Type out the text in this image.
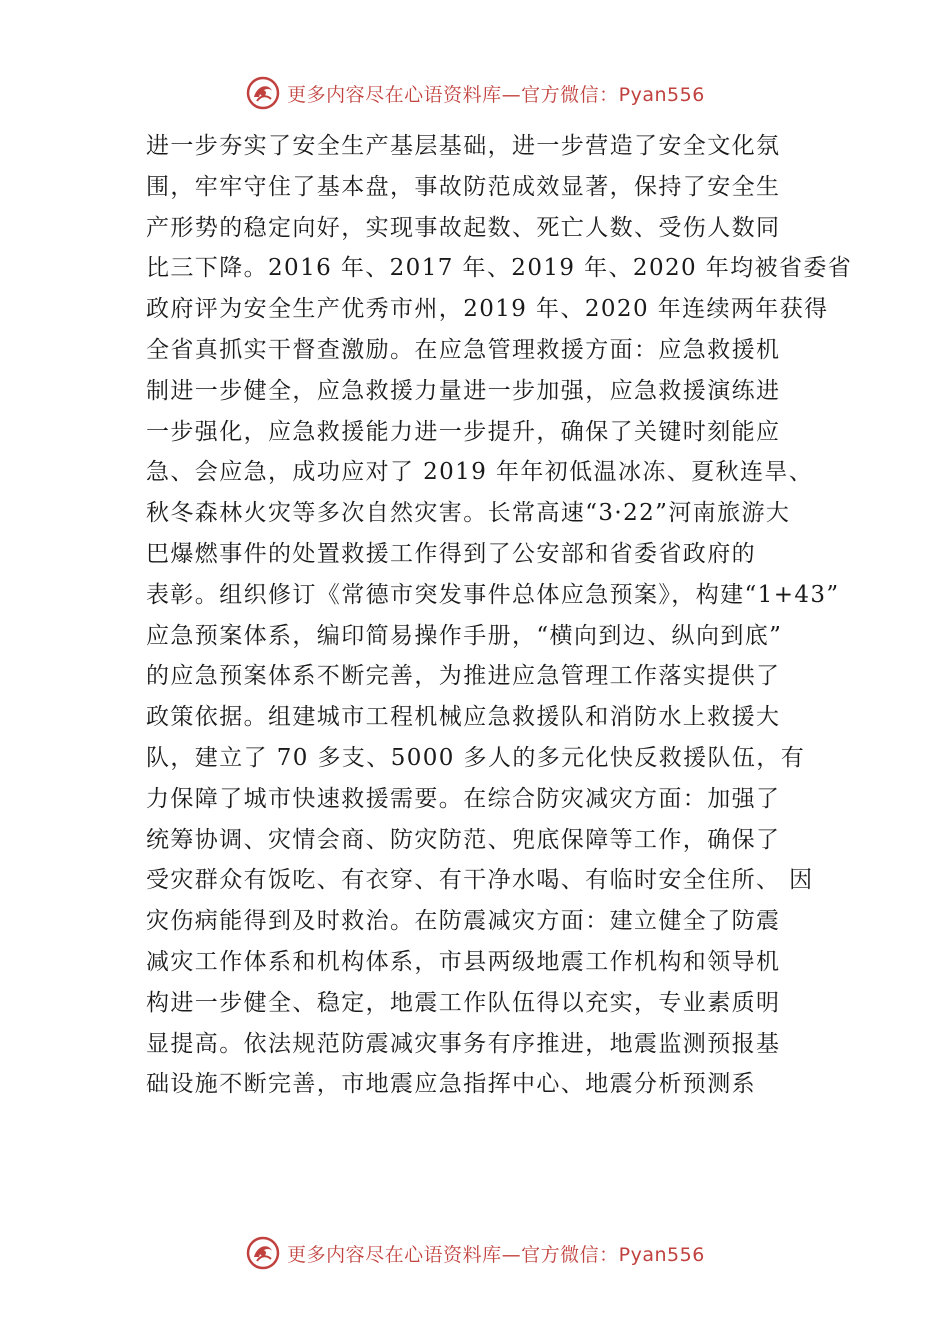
更多内容尽在心语资料库—官方微信：Pyan556
进一步夯实了安全生产基层基础，进一步营造了安全文化氛
围，牢牢守住了基本盘，事故防范成效显著，保持了安全生
产形势的稳定向好，实现事故起数、死亡人数、受伤人数同
比三下降。2016 年、2017 年、2019 年、2020 年均被省委省
政府评为安全生产优秀市州，2019 年、2020 年连续两年获得
全省真抓实干督查激励。在应急管理救援方面：应急救援机
制进一步健全，应急救援力量进一步加强，应急救援演练进
一步强化，应急救援能力进一步提升，确保了关键时刻能应
急、会应急，成功应对了 2019 年年初低温冰冻、夏秋连旱、
秋冬森林火灾等多次自然灾害。长常高速“3·22”河南旅游大
巴爆燃事件的处置救援工作得到了公安部和省委省政府的
表彰。组织修订《常德市突发事件总体应急预案》，构建“1+43”
应急预案体系，编印简易操作手册，“横向到边、纵向到底”
的应急预案体系不断完善，为推进应急管理工作落实提供了
政策依据。组建城市工程机械应急救援队和消防水上救援大
队，建立了 70 多支、5000 多人的多元化快反救援队伍，有
力保障了城市快速救援需要。在综合防灾减灾方面：加强了
统筹协调、灾情会商、防灾防范、兜底保障等工作，确保了
受灾群众有饭吃、有衣穿、有干净水喝、有临时安全住所、 因
灾伤病能得到及时救治。在防震减灾方面：建立健全了防震
减灾工作体系和机构体系，市县两级地震工作机构和领导机
构进一步健全、稳定，地震工作队伍得以充实，专业素质明
显提高。依法规范防震减灾事务有序推进，地震监测预报基
础设施不断完善，市地震应急指挥中心、地震分析预测系
更多内容尽在心语资料库—官方微信：Pyan556
